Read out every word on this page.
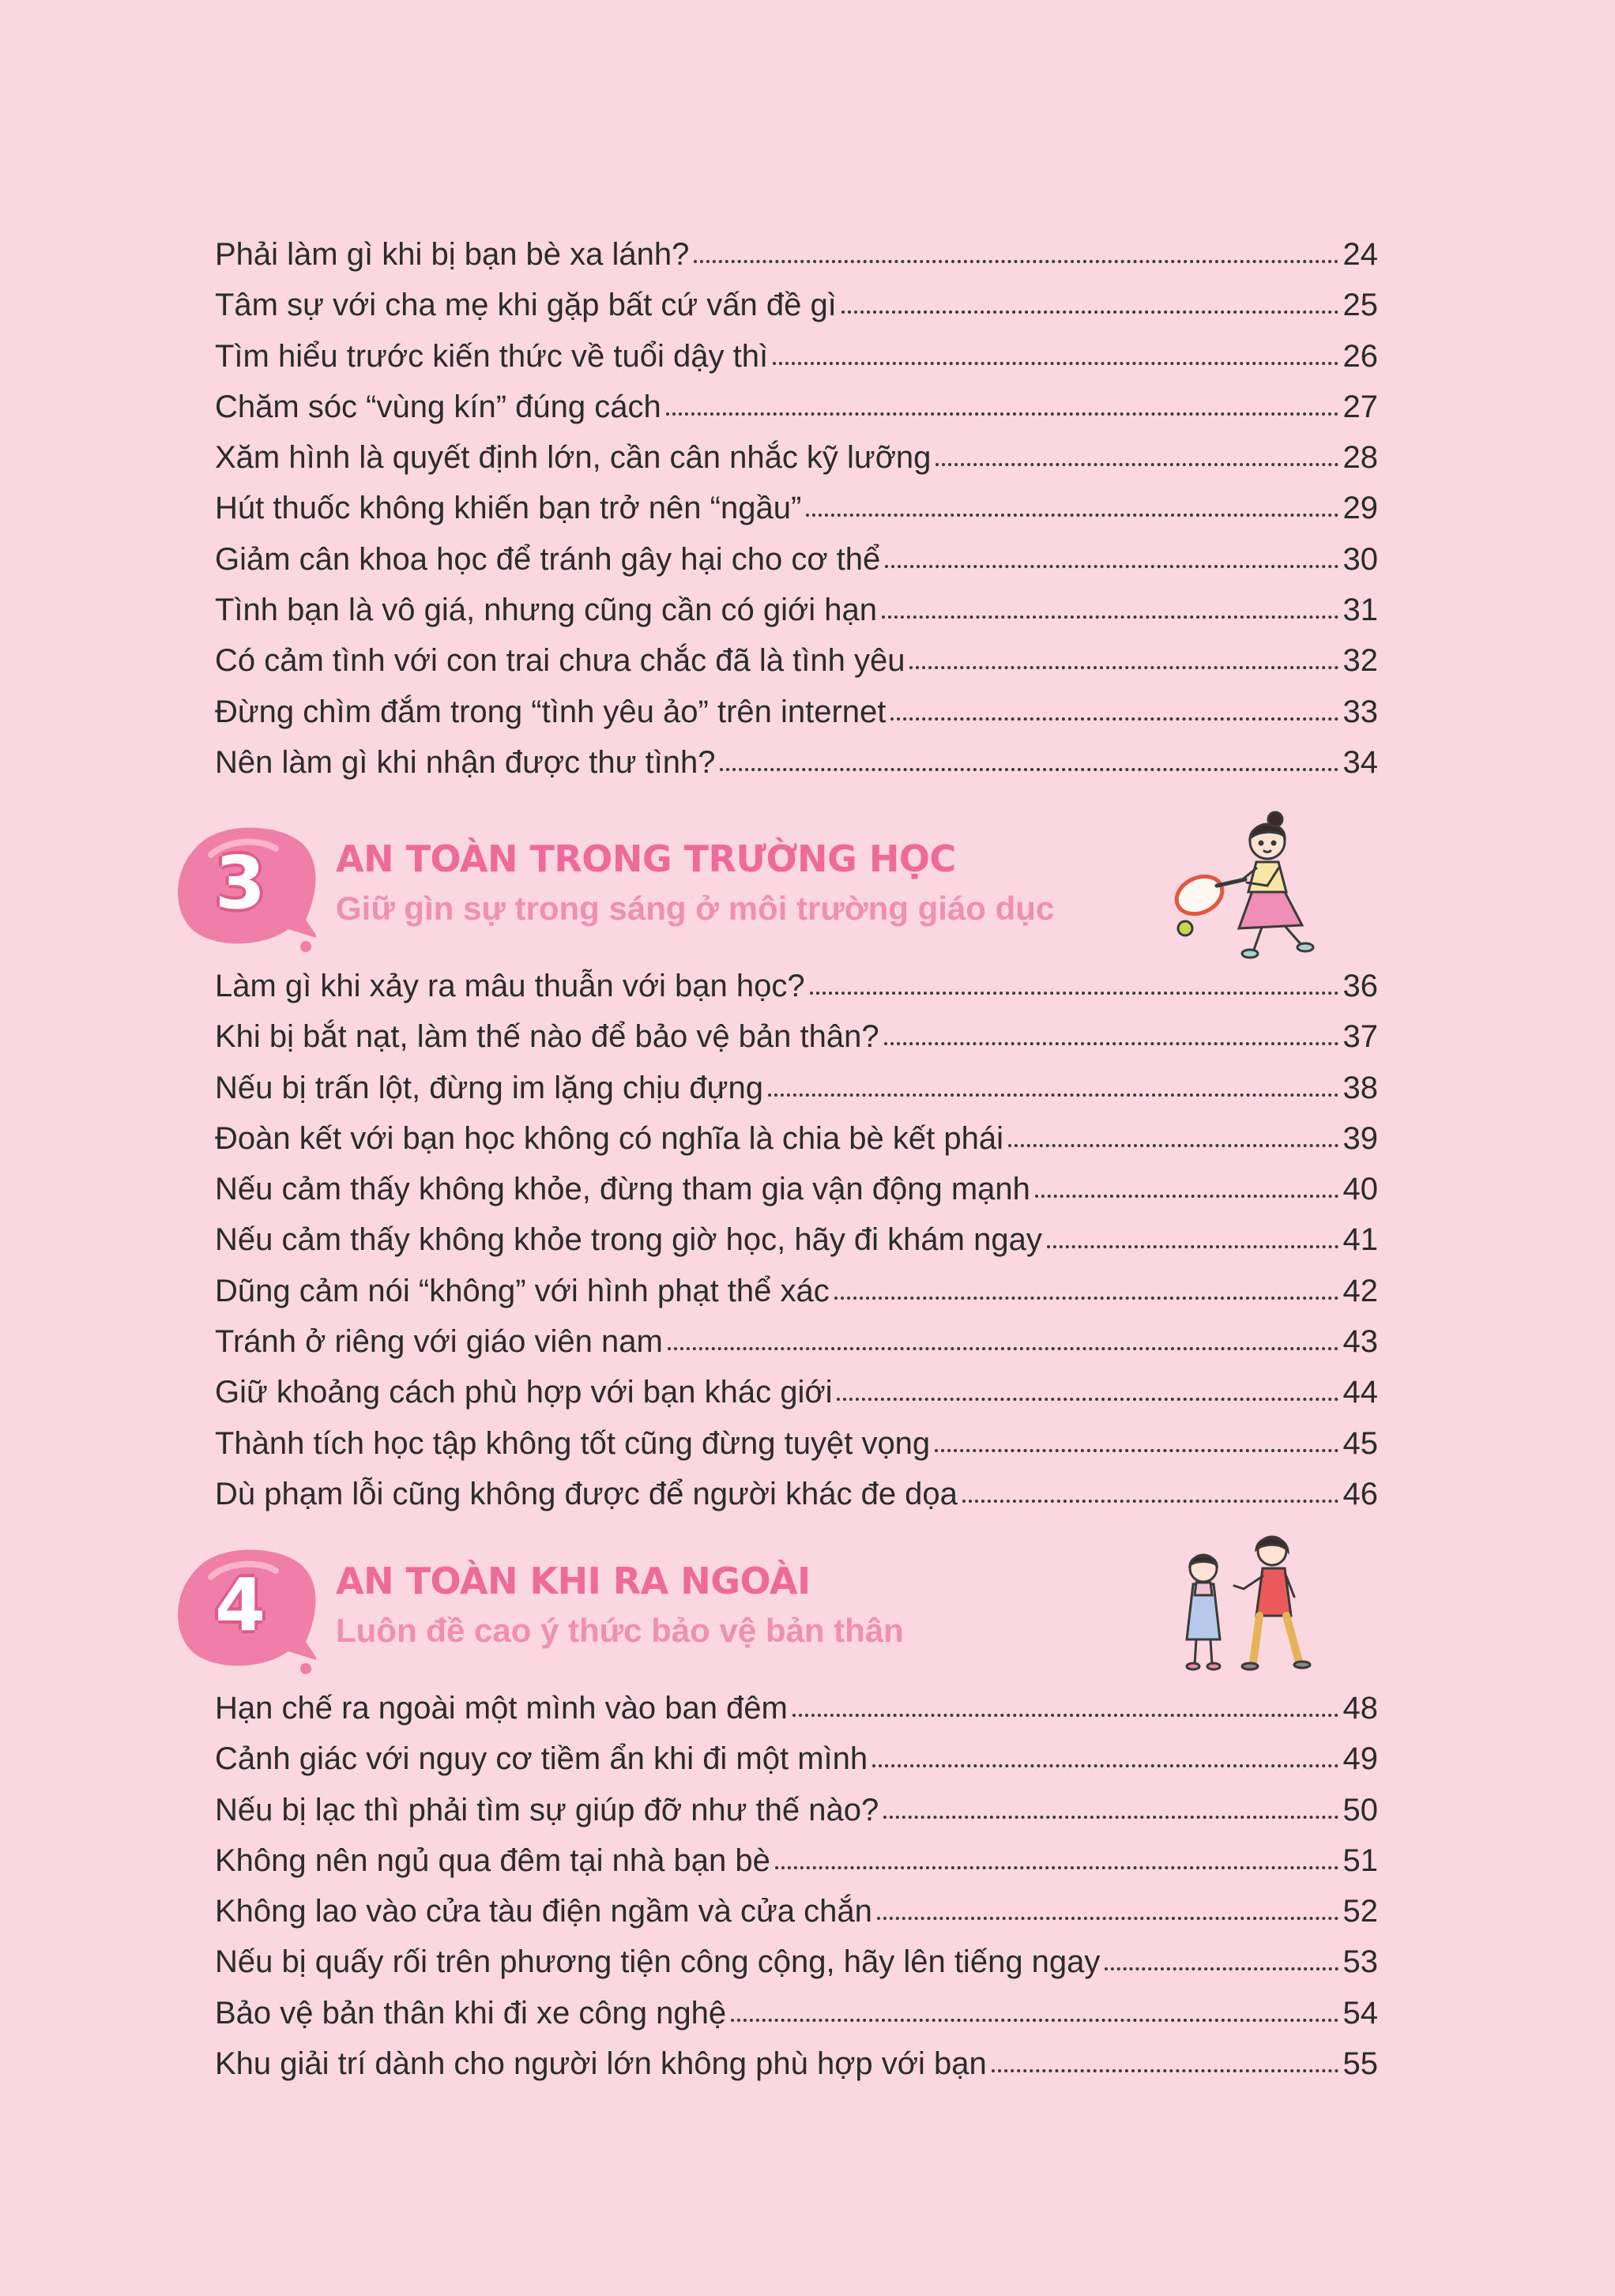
Phải làm gì khi bị bạn bè xa lánh?	24
Tâm sự với cha mẹ khi gặp bất cứ vấn đề gì	25
Tìm hiểu trước kiến thức về tuổi dậy thì	26
Chăm sóc “vùng kín” đúng cách	27
Xăm hình là quyết định lớn, cần cân nhắc kỹ lưỡng	28
Hút thuốc không khiến bạn trở nên “ngầu”	29
Giảm cân khoa học để tránh gây hại cho cơ thể	30
Tình bạn là vô giá, nhưng cũng cần có giới hạn	31
Có cảm tình với con trai chưa chắc đã là tình yêu	32
Đừng chìm đắm trong “tình yêu ảo” trên internet	33
Nên làm gì khi nhận được thư tình?	34
3 AN TOÀN TRONG TRƯỜNG HỌC
Giữ gìn sự trong sáng ở môi trường giáo dục
Làm gì khi xảy ra mâu thuẫn với bạn học?	36
Khi bị bắt nạt, làm thế nào để bảo vệ bản thân?	37
Nếu bị trấn lột, đừng im lặng chịu đựng	38
Đoàn kết với bạn học không có nghĩa là chia bè kết phái	39
Nếu cảm thấy không khỏe, đừng tham gia vận động mạnh	40
Nếu cảm thấy không khỏe trong giờ học, hãy đi khám ngay	41
Dũng cảm nói “không” với hình phạt thể xác	42
Tránh ở riêng với giáo viên nam	43
Giữ khoảng cách phù hợp với bạn khác giới	44
Thành tích học tập không tốt cũng đừng tuyệt vọng	45
Dù phạm lỗi cũng không được để người khác đe dọa	46
4 AN TOÀN KHI RA NGOÀI
Luôn đề cao ý thức bảo vệ bản thân
Hạn chế ra ngoài một mình vào ban đêm	48
Cảnh giác với nguy cơ tiềm ẩn khi đi một mình	49
Nếu bị lạc thì phải tìm sự giúp đỡ như thế nào?	50
Không nên ngủ qua đêm tại nhà bạn bè	51
Không lao vào cửa tàu điện ngầm và cửa chắn	52
Nếu bị quấy rối trên phương tiện công cộng, hãy lên tiếng ngay	53
Bảo vệ bản thân khi đi xe công nghệ	54
Khu giải trí dành cho người lớn không phù hợp với bạn	55
